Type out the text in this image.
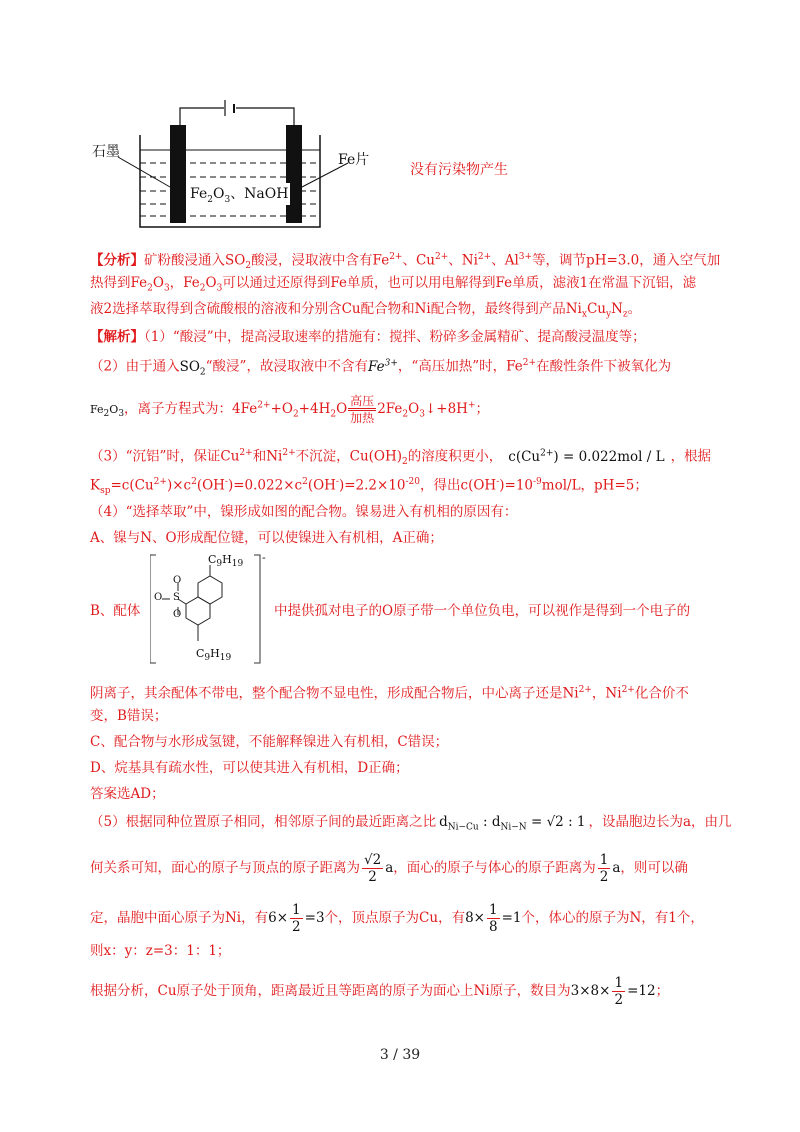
石墨	Fe片
$Fe_2O_3$、NaOH
没有污染物产生
【分析】矿粉酸浸通入$SO_2$酸浸，浸取液中含有$Fe^{2+}$、$Cu^{2+}$、$Ni^{2+}$、$Al^{3+}$等，调节pH=3.0，通入空气加
热得到$Fe_2O_3$，$Fe_2O_3$可以通过还原得到Fe单质，也可以用电解得到Fe单质，滤液1在常温下沉铝，滤
液2选择萃取得到含硫酸根的溶液和分别含Cu配合物和Ni配合物，最终得到产品$Ni_xCu_yN_z$。
【解析】（1）“酸浸”中，提高浸取速率的措施有：搅拌、粉碎多金属精矿、提高酸浸温度等；
（2）由于通入$SO_2“$酸浸”，故浸取液中不含有$Fe^{3+}$，“高压加热”时，$Fe^{2+}$在酸性条件下被氧化为
$Fe_2O_3$，离子方程式为：$4Fe^{2+}+O_2+4H_2O$ 高压
加热
$2Fe_2O_3↓+8H^+$；
（3）“沉铝”时，保证$Cu^{2+}$和$Ni^{2+}$不沉淀，$Cu(OH)_2$的溶度积更小， $c(Cu^{2+}) = 0.022mol / L$ ，根据
$K_{sp}=c(Cu^{2+})\times c^2(OH^-)=0.022\times c^2(OH^-)=2.2\times 10^{-20}$，得出$c(OH^-)=10^{-9}mol/L$，pH=5；
（4）“选择萃取”中，镍形成如图的配合物。镍易进入有机相的原因有：
A、镍与N、O形成配位键，可以使镍进入有机相，A正确；
$C_9H_{19}$
$C_9H_{19}$
-
O
S
O
O
B、配体	中提供孤对电子的O原子带一个单位负电，可以视作是得到一个电子的
阴离子，其余配体不带电，整个配合物不显电性，形成配合物后，中心离子还是$Ni^{2+}$，$Ni^{2+}$化合价不
变，B错误；
C、配合物与水形成氢键，不能解释镍进入有机相，C错误；
D、烷基具有疏水性，可以使其进入有机相，D正确；
答案选AD；
（5）根据同种位置原子相同，相邻原子间的最近距离之比 $d_{Ni-Cu}$ : $d_{Ni-N} = √2$ : 1 ，设晶胞边长为a，由几
何关系可知，面心的原子与顶点的原子距离为 $\frac{√2}{2}$ a，面心的原子与体心的原子距离为 $\frac{1}{2}$ a，则可以确
定，晶胞中面心原子为Ni，有$6\times \frac{1}{2} =3$个，顶点原子为Cu，有$8\times \frac{1}{8} =1$个，体心的原子为N，有1个，
则x：y：z=3：1：1；
根据分析，Cu原子处于顶角，距离最近且等距离的原子为面心上Ni原子，数目为$3\times 8\times \frac{1}{2} =12$；
3 / 39
